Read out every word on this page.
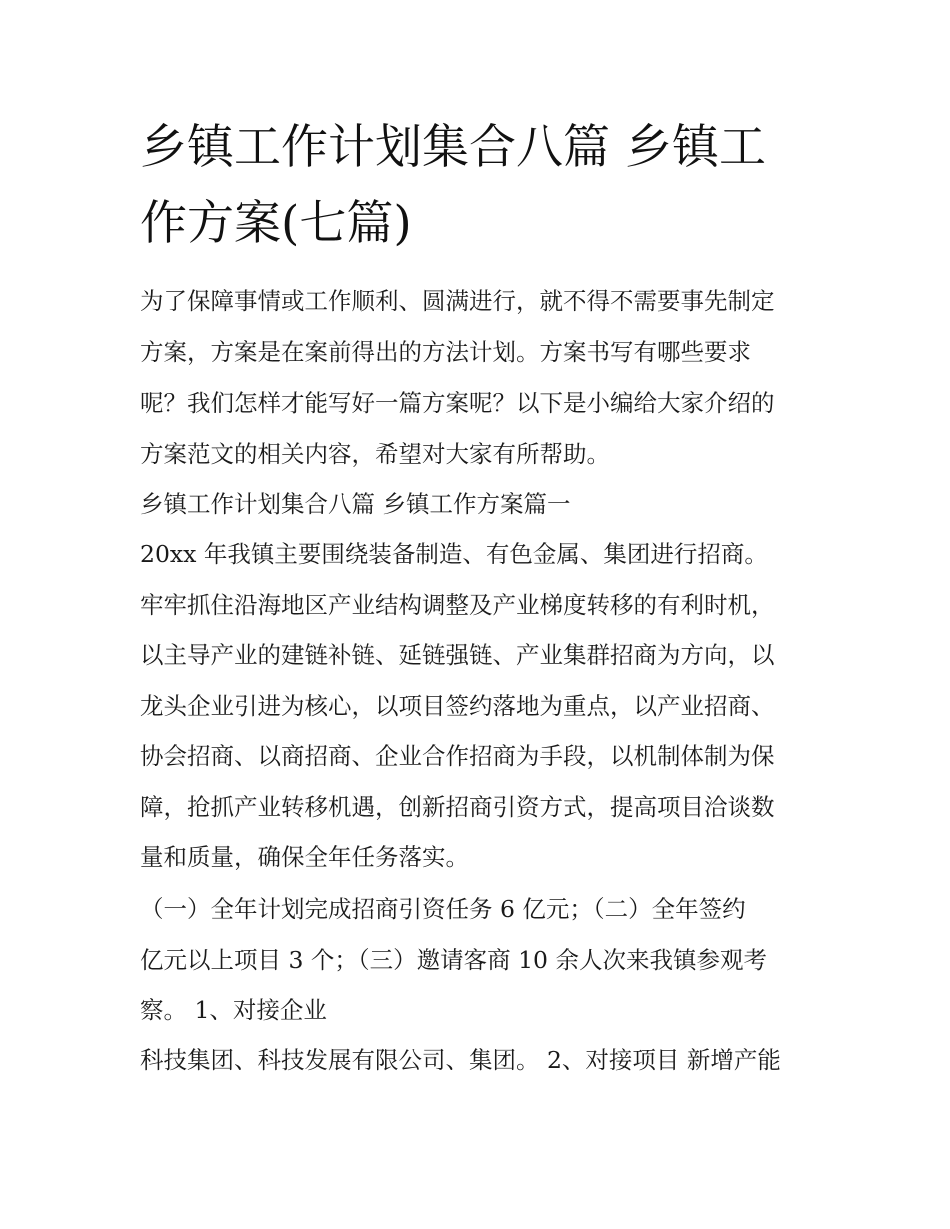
乡镇工作计划集合八篇 乡镇工
作方案(七篇)
为了保障事情或工作顺利、圆满进行，就不得不需要事先制定
方案，方案是在案前得出的方法计划。方案书写有哪些要求
呢？我们怎样才能写好一篇方案呢？以下是小编给大家介绍的
方案范文的相关内容，希望对大家有所帮助。
乡镇工作计划集合八篇 乡镇工作方案篇一
20xx 年我镇主要围绕装备制造、有色金属、集团进行招商。
牢牢抓住沿海地区产业结构调整及产业梯度转移的有利时机，
以主导产业的建链补链、延链强链、产业集群招商为方向，以
龙头企业引进为核心，以项目签约落地为重点，以产业招商、
协会招商、以商招商、企业合作招商为手段，以机制体制为保
障，抢抓产业转移机遇，创新招商引资方式，提高项目洽谈数
量和质量，确保全年任务落实。
（一）全年计划完成招商引资任务 6 亿元；（二）全年签约
亿元以上项目 3 个；（三）邀请客商 10 余人次来我镇参观考
察。 1、对接企业
科技集团、科技发展有限公司、集团。 2、对接项目 新增产能
